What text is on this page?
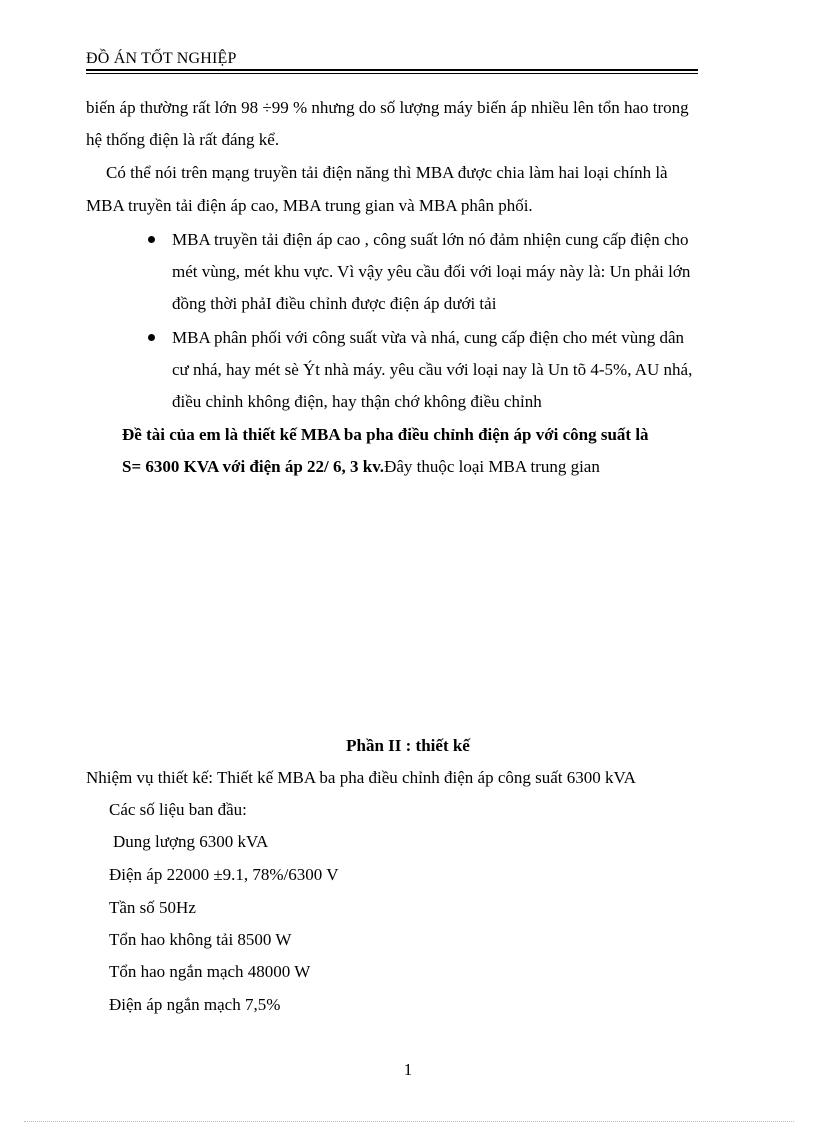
ĐỒ ÁN TỐT NGHIỆP
biến áp thường rất lớn 98 ÷99 % nhưng do số lượng máy biến áp nhiều lên tổn hao trong
hệ thống điện là rất đáng kể.
Có thể nói trên mạng truyền tải điện năng thì MBA được chia làm hai loại chính là
MBA truyền tải điện áp cao, MBA trung gian và MBA phân phối.
MBA truyền tải điện áp cao , công suất lớn nó đảm nhiện cung cấp điện cho
mét vùng, mét khu vực. Vì vậy yêu cầu đối với loại máy này là: Un phải lớn
đồng thời phảI điều chỉnh được điện áp dưới tải
MBA phân phối với công suất vừa và nhá, cung cấp điện cho mét vùng dân
cư nhá, hay mét sè Ýt nhà máy. yêu cầu với loại nay là Un tõ 4-5%, AU nhá,
điều chỉnh không điện, hay thận chớ không điều chỉnh
Đề tài của em là thiết kế MBA ba pha điều chỉnh điện áp với công suất là
S= 6300 KVA với điện áp 22/ 6, 3 kv.Đây thuộc loại MBA trung gian
Phần II : thiết kế
Nhiệm vụ thiết kế: Thiết kế MBA ba pha điều chỉnh điện áp công suất 6300 kVA
Các số liệu ban đầu:
Dung lượng 6300 kVA
Điện áp 22000 ±9.1, 78%/6300 V
Tần số 50Hz
Tổn hao không tải 8500 W
Tổn hao ngắn mạch 48000 W
Điện áp ngắn mạch 7,5%
1
